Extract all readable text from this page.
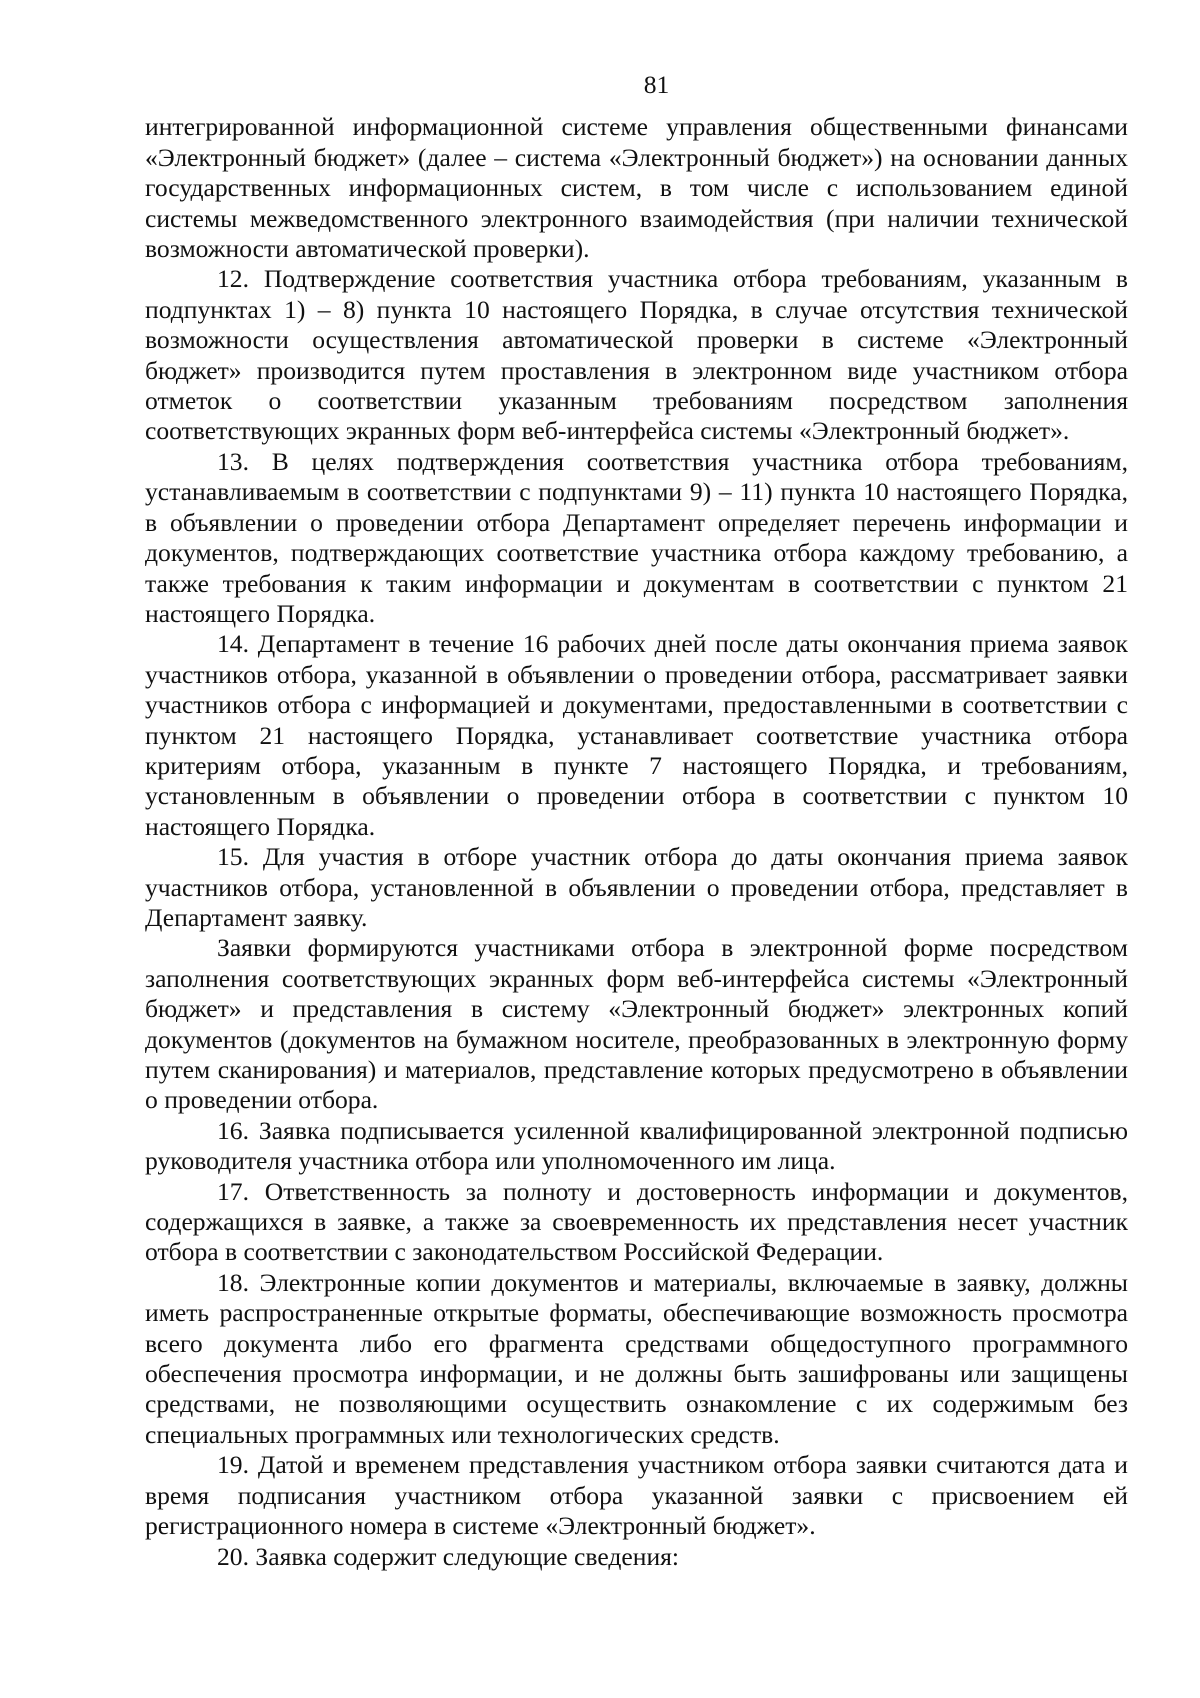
81

интегрированной информационной системе управления общественными финансами «Электронный бюджет» (далее – система «Электронный бюджет») на основании данных государственных информационных систем, в том числе с использованием единой системы межведомственного электронного взаимодействия (при наличии технической возможности автоматической проверки).

12. Подтверждение соответствия участника отбора требованиям, указанным в подпунктах 1) – 8) пункта 10 настоящего Порядка, в случае отсутствия технической возможности осуществления автоматической проверки в системе «Электронный бюджет» производится путем проставления в электронном виде участником отбора отметок о соответствии указанным требованиям посредством заполнения соответствующих экранных форм веб-интерфейса системы «Электронный бюджет».

13. В целях подтверждения соответствия участника отбора требованиям, устанавливаемым в соответствии с подпунктами 9) – 11) пункта 10 настоящего Порядка, в объявлении о проведении отбора Департамент определяет перечень информации и документов, подтверждающих соответствие участника отбора каждому требованию, а также требования к таким информации и документам в соответствии с пунктом 21 настоящего Порядка.

14. Департамент в течение 16 рабочих дней после даты окончания приема заявок участников отбора, указанной в объявлении о проведении отбора, рассматривает заявки участников отбора с информацией и документами, предоставленными в соответствии с пунктом 21 настоящего Порядка, устанавливает соответствие участника отбора критериям отбора, указанным в пункте 7 настоящего Порядка, и требованиям, установленным в объявлении о проведении отбора в соответствии с пунктом 10 настоящего Порядка.

15. Для участия в отборе участник отбора до даты окончания приема заявок участников отбора, установленной в объявлении о проведении отбора, представляет в Департамент заявку.

Заявки формируются участниками отбора в электронной форме посредством заполнения соответствующих экранных форм веб-интерфейса системы «Электронный бюджет» и представления в систему «Электронный бюджет» электронных копий документов (документов на бумажном носителе, преобразованных в электронную форму путем сканирования) и материалов, представление которых предусмотрено в объявлении о проведении отбора.

16. Заявка подписывается усиленной квалифицированной электронной подписью руководителя участника отбора или уполномоченного им лица.

17. Ответственность за полноту и достоверность информации и документов, содержащихся в заявке, а также за своевременность их представления несет участник отбора в соответствии с законодательством Российской Федерации.

18. Электронные копии документов и материалы, включаемые в заявку, должны иметь распространенные открытые форматы, обеспечивающие возможность просмотра всего документа либо его фрагмента средствами общедоступного программного обеспечения просмотра информации, и не должны быть зашифрованы или защищены средствами, не позволяющими осуществить ознакомление с их содержимым без специальных программных или технологических средств.

19. Датой и временем представления участником отбора заявки считаются дата и время подписания участником отбора указанной заявки с присвоением ей регистрационного номера в системе «Электронный бюджет».

20. Заявка содержит следующие сведения:
